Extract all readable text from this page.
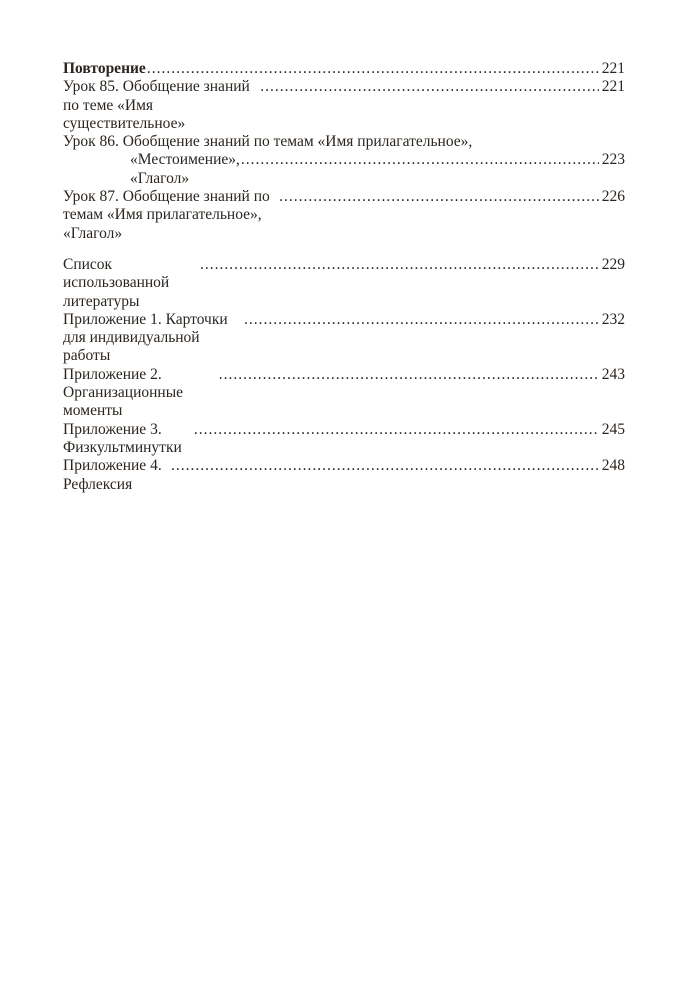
Повторение .....	221
Урок 85. Обобщение знаний по теме «Имя существительное»
.....
221
Урок 86. Обобщение знаний по темам «Имя прилагательное»,
«Местоимение», «Глагол»
.....
223
Урок 87. Обобщение знаний по темам «Имя прилагательное», «Глагол»
.....
226
Список использованной литературы
.....
229
Приложение 1. Карточки для индивидуальной работы
.....
232
Приложение 2. Организационные моменты
.....
243
Приложение 3. Физкультминутки
.....
245
Приложение 4. Рефлексия
.....
248
